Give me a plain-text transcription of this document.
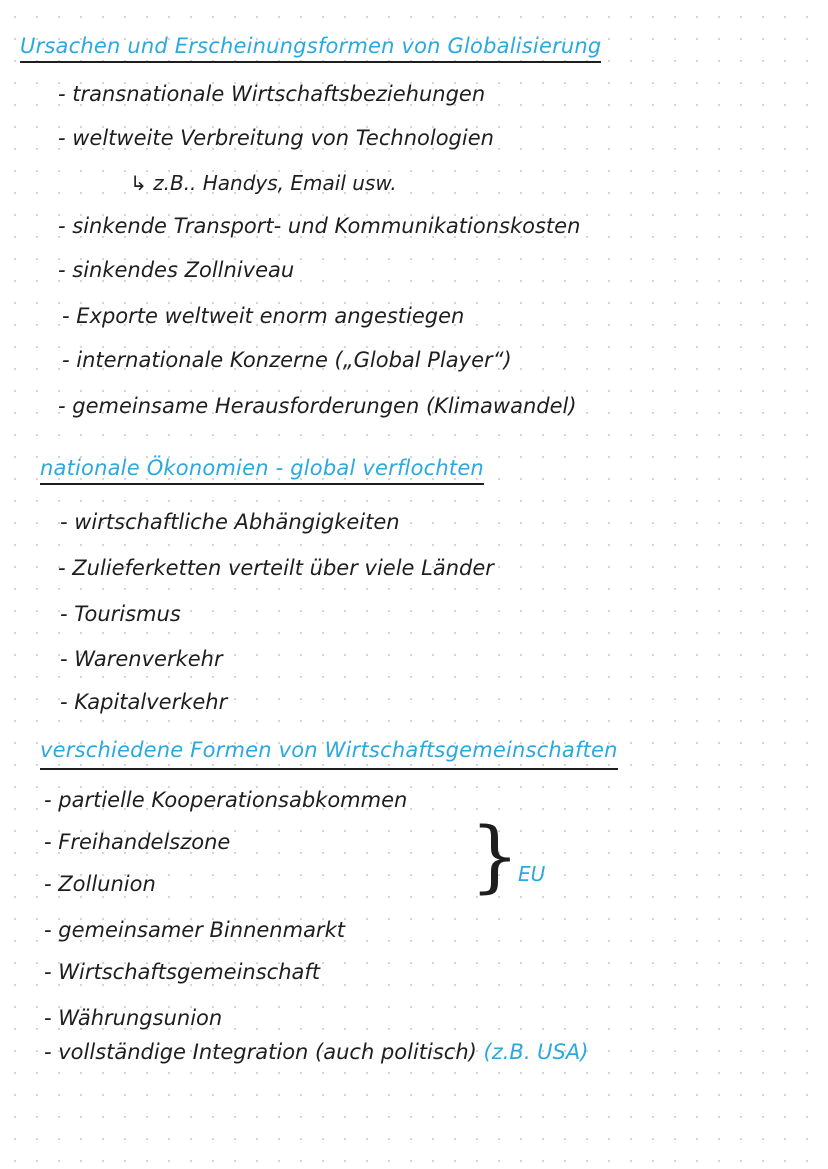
Ursachen und Erscheinungsformen von Globalisierung
- transnationale Wirtschaftsbeziehungen
- weltweite Verbreitung von Technologien
↳ z.B.. Handys, Email usw.
- sinkende Transport- und Kommunikationskosten
- sinkendes Zollniveau
- Exporte weltweit enorm angestiegen
- internationale Konzerne („Global Player“)
- gemeinsame Herausforderungen (Klimawandel)
nationale Ökonomien - global verflochten
- wirtschaftliche Abhängigkeiten
- Zulieferketten verteilt über viele Länder
- Tourismus
- Warenverkehr
- Kapitalverkehr
verschiedene Formen von Wirtschaftsgemeinschaften
- partielle Kooperationsabkommen
- Freihandelszone
- Zollunion
- gemeinsamer Binnenmarkt
- Wirtschaftsgemeinschaft
- Währungsunion
- vollständige Integration (auch politisch) (z.B. USA)
}
EU
